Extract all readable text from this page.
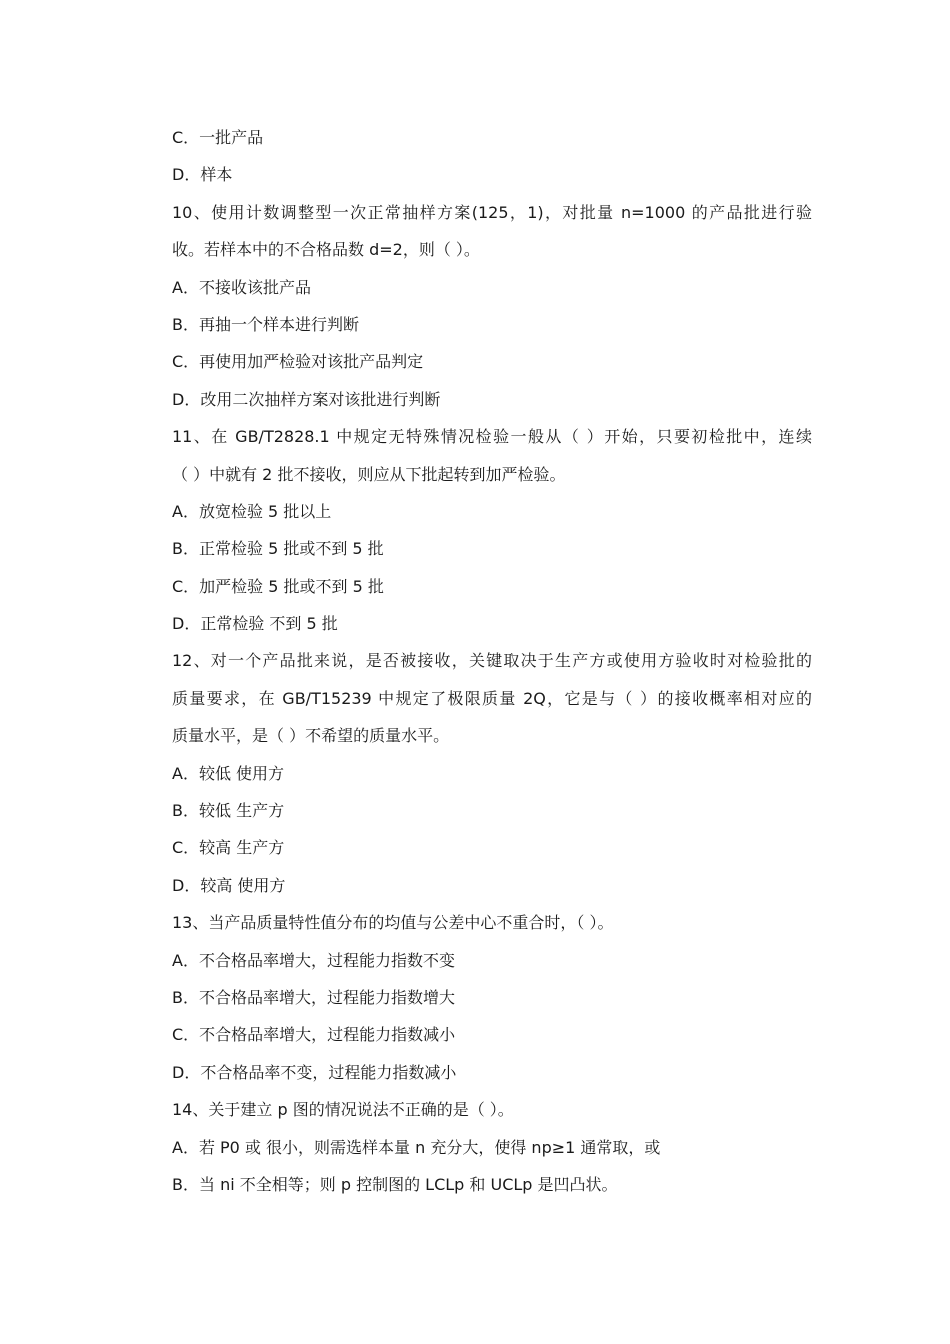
C．一批产品
D．样本
10、使用计数调整型一次正常抽样方案(125，1)，对批量 n=1000 的产品批进行验
收。若样本中的不合格品数 d=2，则（ ）。
A．不接收该批产品
B．再抽一个样本进行判断
C．再使用加严检验对该批产品判定
D．改用二次抽样方案对该批进行判断
11、在 GB/T2828.1 中规定无特殊情况检验一般从（ ）开始，只要初检批中，连续
（ ）中就有 2 批不接收，则应从下批起转到加严检验。
A．放宽检验 5 批以上
B．正常检验 5 批或不到 5 批
C．加严检验 5 批或不到 5 批
D．正常检验 不到 5 批
12、对一个产品批来说，是否被接收，关键取决于生产方或使用方验收时对检验批的
质量要求，在 GB/T15239 中规定了极限质量 2Q，它是与（ ）的接收概率相对应的
质量水平，是（ ）不希望的质量水平。
A．较低 使用方
B．较低 生产方
C．较高 生产方
D．较高 使用方
13、当产品质量特性值分布的均值与公差中心不重合时，（ ）。
A．不合格品率增大，过程能力指数不变
B．不合格品率增大，过程能力指数增大
C．不合格品率增大，过程能力指数减小
D．不合格品率不变，过程能力指数减小
14、关于建立 p 图的情况说法不正确的是（ ）。
A．若 P0 或 很小，则需选样本量 n 充分大，使得 np≥1 通常取，或
B．当 ni 不全相等；则 p 控制图的 LCLp 和 UCLp 是凹凸状。
